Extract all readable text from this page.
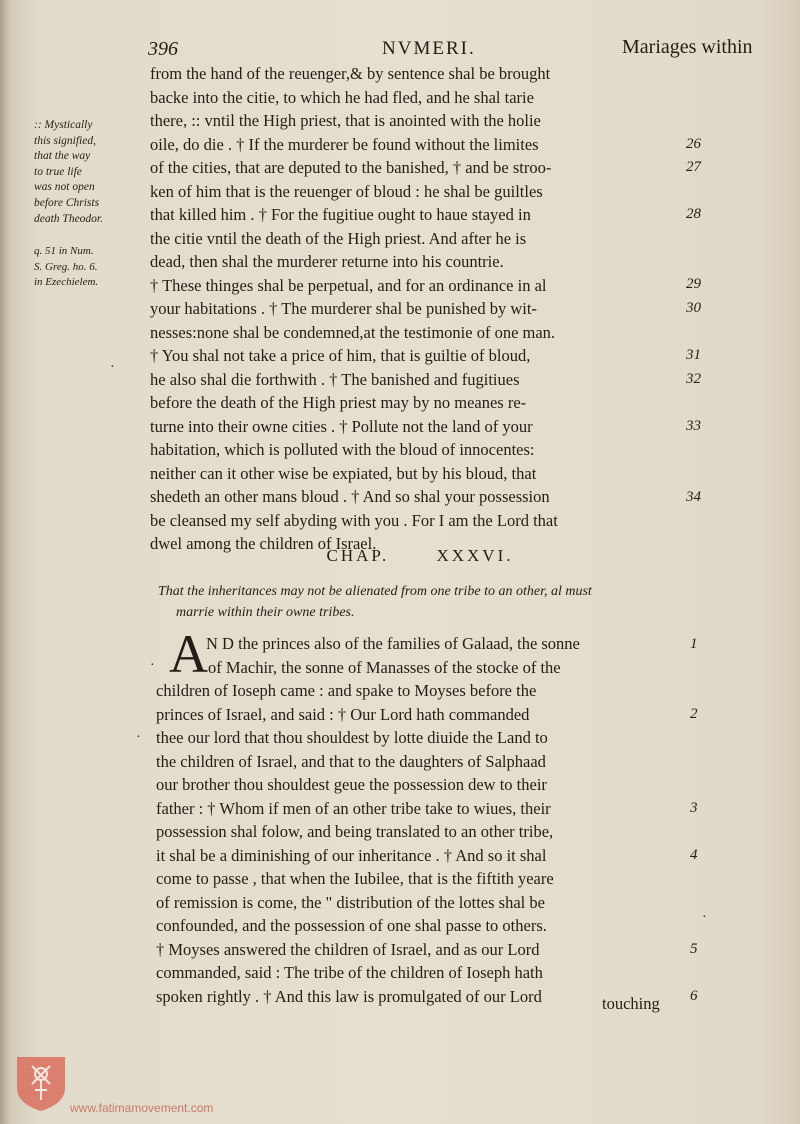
396	NVMERI.	Mariages within
:: Mystically
this signified,
that the way
to true life
was not open
before Christs
death Theodor.
q. 51 in Num.
S. Greg. ho. 6.
in Ezechielem.
from the hand of the reuenger,& by sentence shal be brought
backe into the citie, to which he had fled, and he shal tarie
there, :: vntil the High priest, that is anointed with the holie
oile, do die . † If the murderer be found without the limites
of the cities, that are deputed to the banished, † and be stroo-
ken of him that is the reuenger of bloud : he shal be guiltles
that killed him . † For the fugitiue ought to haue stayed in
the citie vntil the death of the High priest. And after he is
dead, then shal the murderer returne into his countrie.
† These thinges shal be perpetual, and for an ordinance in al
your habitations . † The murderer shal be punished by wit-
nesses:none shal be condemned,at the testimonie of one man.
† You shal not take a price of him, that is guiltie of bloud,
he also shal die forthwith . † The banished and fugitiues
before the death of the High priest may by no meanes re-
turne into their owne cities . † Pollute not the land of your
habitation, which is polluted with the bloud of innocentes:
neither can it other wise be expiated, but by his bloud, that
shedeth an other mans bloud . † And so shal your possession
be cleansed my self abyding with you . For I am the Lord that
dwel among the children of Israel.
26
27
28
29
30
31
32
33
34
CHAP.	XXXVI.
That the inheritances may not be alienated from one tribe to an other, al must
marrie within their owne tribes.
A
N D the princes also of the families of Galaad, the sonne
of Machir, the sonne of Manasses of the stocke of the
children of Ioseph came : and spake to Moyses before the
princes of Israel, and said : † Our Lord hath commanded
thee our lord that thou shouldest by lotte diuide the Land to
the children of Israel, and that to the daughters of Salphaad
our brother thou shouldest geue the possession dew to their
father : † Whom if men of an other tribe take to wiues, their
possession shal folow, and being translated to an other tribe,
it shal be a diminishing of our inheritance . † And so it shal
come to passe , that when the Iubilee, that is the fiftith yeare
of remission is come, the " distribution of the lottes shal be
confounded, and the possession of one shal passe to others.
† Moyses answered the children of Israel, and as our Lord
commanded, said : The tribe of the children of Ioseph hath
spoken rightly . † And this law is promulgated of our Lord
1
2
3
4
5
6
·
·
·
·
touching
www.fatimamovement.com
